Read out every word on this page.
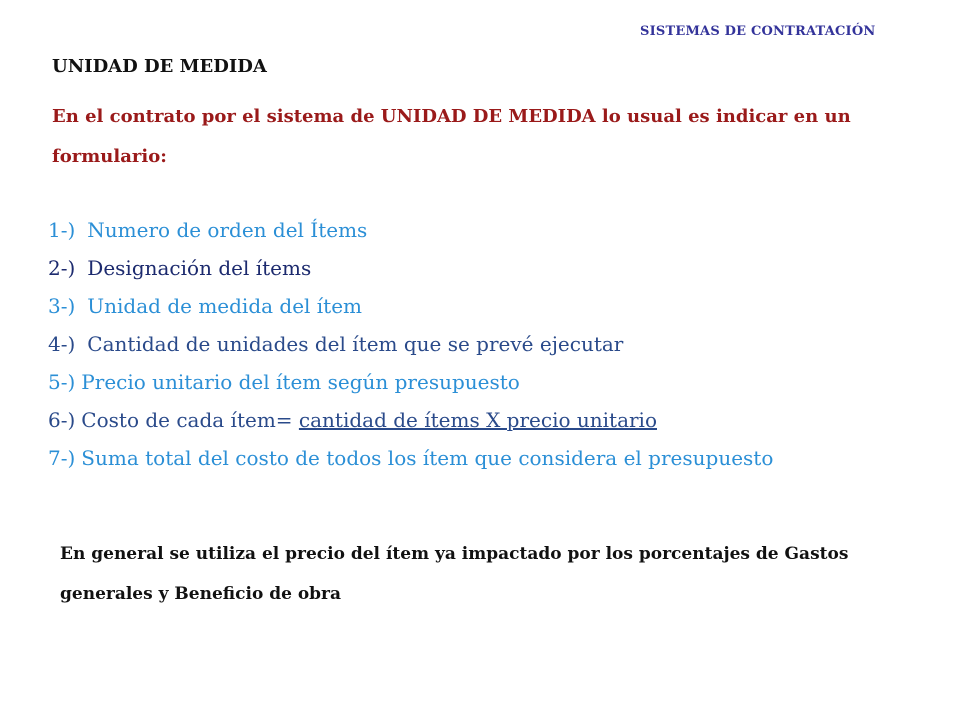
SISTEMAS DE CONTRATACIÓN
UNIDAD DE MEDIDA

En el contrato por el sistema de UNIDAD DE MEDIDA lo usual es indicar en un formulario:

1-) Numero de orden del Ítems
2-) Designación del ítems
3-) Unidad de medida del ítem
4-) Cantidad de unidades del ítem que se prevé ejecutar
5-) Precio unitario del ítem según presupuesto
6-) Costo de cada ítem= cantidad de ítems X precio unitario
7-) Suma total del costo de todos los ítem que considera el presupuesto

En general se utiliza el precio del ítem ya impactado por los porcentajes de Gastos generales y Beneficio de obra
